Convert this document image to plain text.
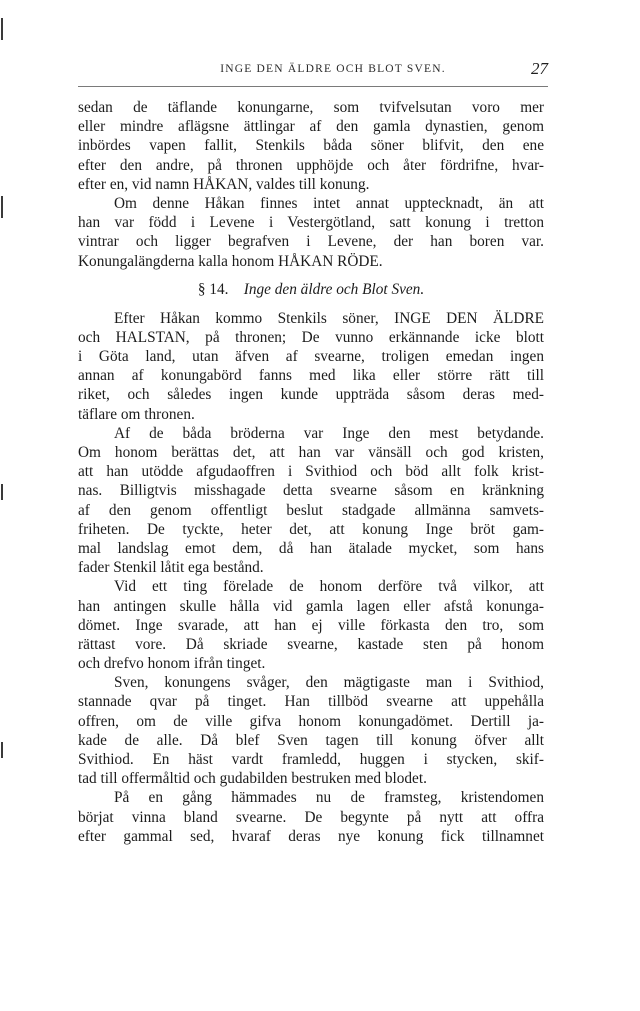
INGE DEN ÄLDRE OCH BLOT SVEN.	27
sedan de täflande konungarne, som tvifvelsutan voro mer
eller mindre aflägsne ättlingar af den gamla dynastien, genom
inbördes vapen fallit, Stenkils båda söner blifvit, den ene
efter den andre, på thronen upphöjde och åter fördrifne, hvar-
efter en, vid namn HÅKAN, valdes till konung.
Om denne Håkan finnes intet annat upptecknadt, än att
han var född i Levene i Vestergötland, satt konung i tretton
vintrar och ligger begrafven i Levene, der han boren var.
Konungalängderna kalla honom HÅKAN RÖDE.
§ 14.  Inge den äldre och Blot Sven.
Efter Håkan kommo Stenkils söner, INGE DEN ÄLDRE
och HALSTAN, på thronen; De vunno erkännande icke blott
i Göta land, utan äfven af svearne, troligen emedan ingen
annan af konungabörd fanns med lika eller större rätt till
riket, och således ingen kunde uppträda såsom deras med-
täflare om thronen.
Af de båda bröderna var Inge den mest betydande.
Om honom berättas det, att han var vänsäll och god kristen,
att han utödde afgudaoffren i Svithiod och böd allt folk krist-
nas. Billigtvis misshagade detta svearne såsom en kränkning
af den genom offentligt beslut stadgade allmänna samvets-
friheten. De tyckte, heter det, att konung Inge bröt gam-
mal landslag emot dem, då han ätalade mycket, som hans
fader Stenkil låtit ega bestånd.
Vid ett ting förelade de honom derföre två vilkor, att
han antingen skulle hålla vid gamla lagen eller afstå konunga-
dömet. Inge svarade, att han ej ville förkasta den tro, som
rättast vore. Då skriade svearne, kastade sten på honom
och drefvo honom ifrån tinget.
Sven, konungens svåger, den mägtigaste man i Svithiod,
stannade qvar på tinget. Han tillböd svearne att uppehålla
offren, om de ville gifva honom konungadömet. Dertill ja-
kade de alle. Då blef Sven tagen till konung öfver allt
Svithiod. En häst vardt framledd, huggen i stycken, skif-
tad till offermåltid och gudabilden bestruken med blodet.
På en gång hämmades nu de framsteg, kristendomen
börjat vinna bland svearne. De begynte på nytt att offra
efter gammal sed, hvaraf deras nye konung fick tillnamnet
